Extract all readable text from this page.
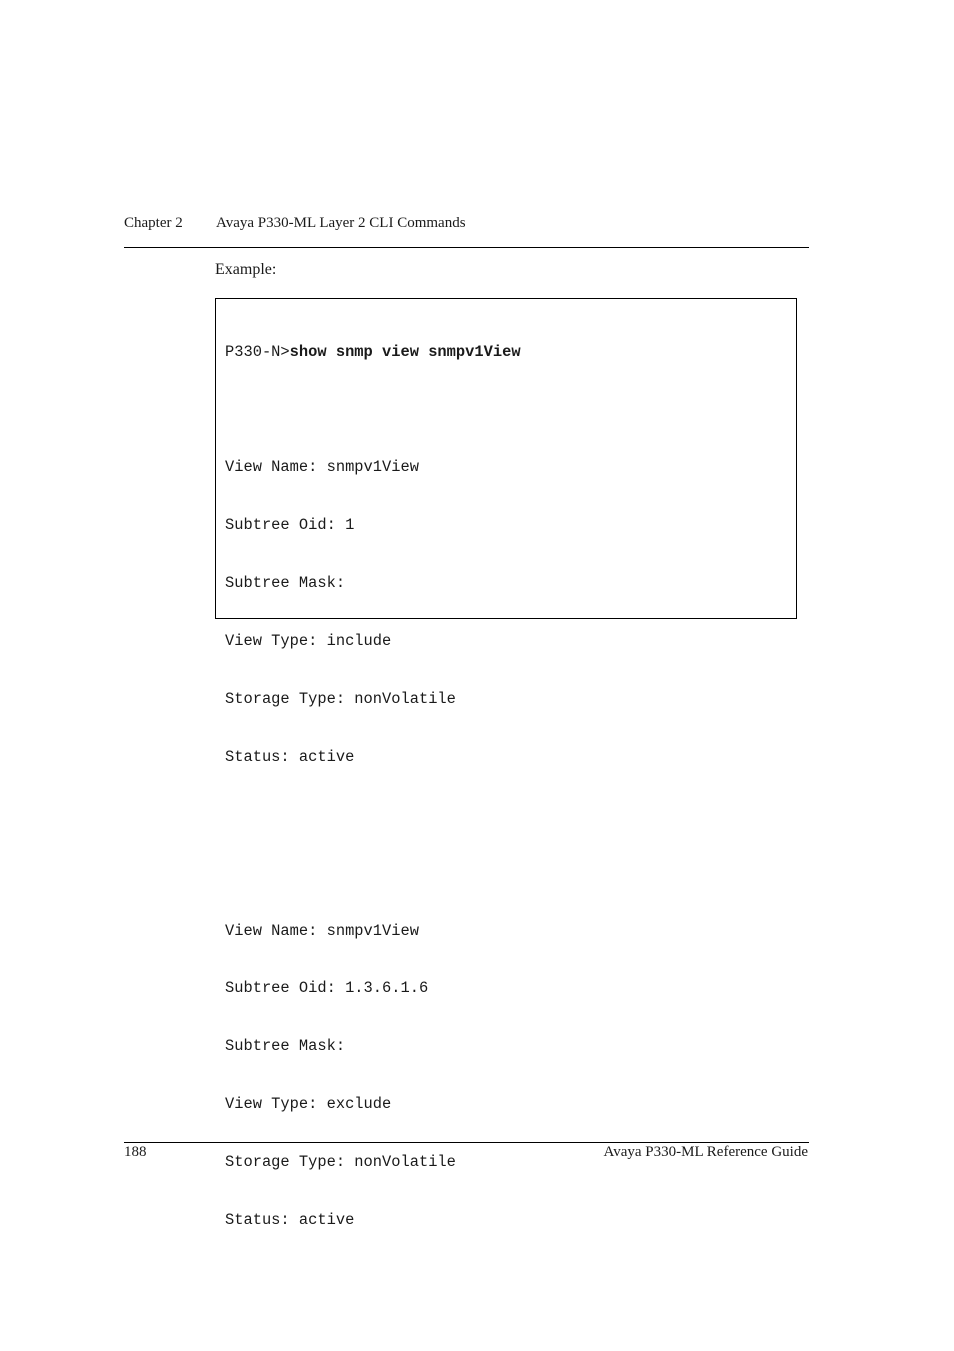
Chapter 2 Avaya P330-ML Layer 2 CLI Commands
Example:

P330-N>show snmp view snmpv1View

View Name: snmpv1View

Subtree Oid: 1

Subtree Mask:

View Type: include

Storage Type: nonVolatile

Status: active

View Name: snmpv1View

Subtree Oid: 1.3.6.1.6

Subtree Mask:

View Type: exclude

Storage Type: nonVolatile

Status: active

188	Avaya P330-ML Reference Guide
